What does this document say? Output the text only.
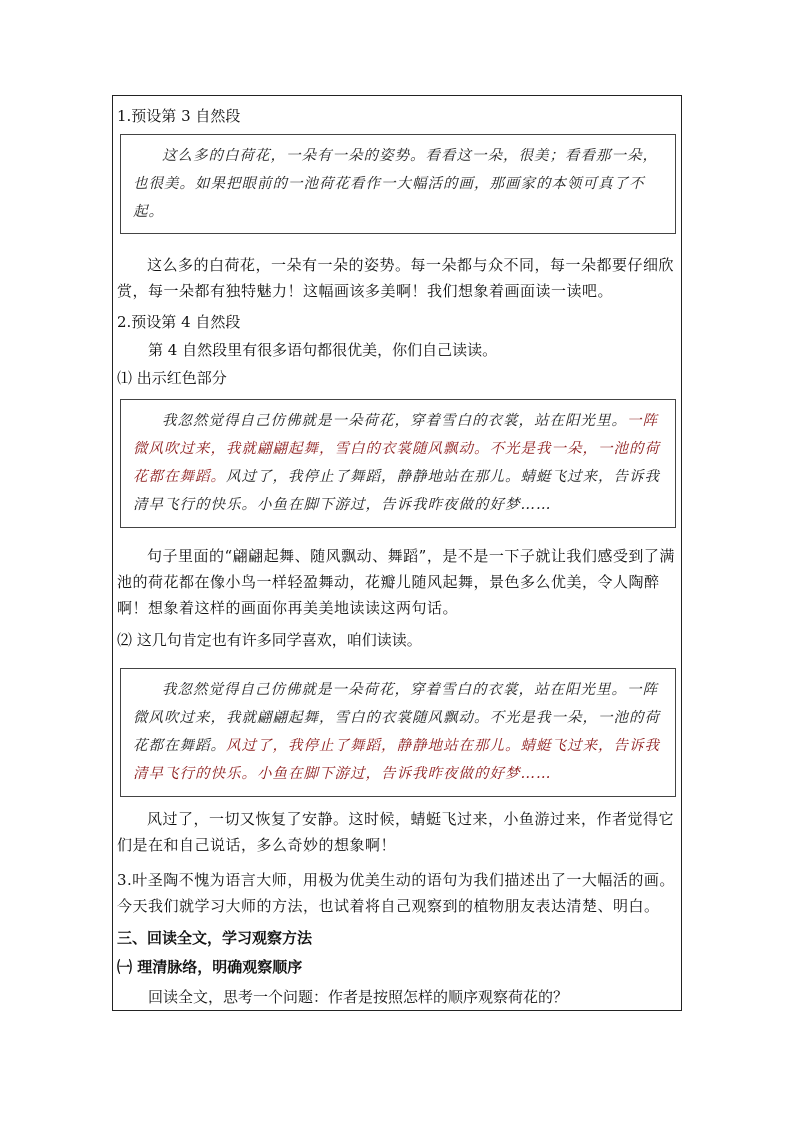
1.预设第 3 自然段

这么多的白荷花，一朵有一朵的姿势。看看这一朵，很美；看看那一朵，也很美。如果把眼前的一池荷花看作一大幅活的画，那画家的本领可真了不起。

这么多的白荷花，一朵有一朵的姿势。每一朵都与众不同，每一朵都要仔细欣赏，每一朵都有独特魅力！这幅画该多美啊！我们想象着画面读一读吧。

2.预设第 4 自然段
第 4 自然段里有很多语句都很优美，你们自己读读。
⑴ 出示红色部分

我忽然觉得自己仿佛就是一朵荷花，穿着雪白的衣裳，站在阳光里。一阵微风吹过来，我就翩翩起舞，雪白的衣裳随风飘动。不光是我一朵，一池的荷花都在舞蹈。风过了，我停止了舞蹈，静静地站在那儿。蜻蜓飞过来，告诉我清早飞行的快乐。小鱼在脚下游过，告诉我昨夜做的好梦……

句子里面的“翩翩起舞、随风飘动、舞蹈”，是不是一下子就让我们感受到了满池的荷花都在像小鸟一样轻盈舞动，花瓣儿随风起舞，景色多么优美，令人陶醉啊！想象着这样的画面你再美美地读读这两句话。

⑵ 这几句肯定也有许多同学喜欢，咱们读读。

我忽然觉得自己仿佛就是一朵荷花，穿着雪白的衣裳，站在阳光里。一阵微风吹过来，我就翩翩起舞，雪白的衣裳随风飘动。不光是我一朵，一池的荷花都在舞蹈。风过了，我停止了舞蹈，静静地站在那儿。蜻蜓飞过来，告诉我清早飞行的快乐。小鱼在脚下游过，告诉我昨夜做的好梦……

风过了，一切又恢复了安静。这时候，蜻蜓飞过来，小鱼游过来，作者觉得它们是在和自己说话，多么奇妙的想象啊！

3.叶圣陶不愧为语言大师，用极为优美生动的语句为我们描述出了一大幅活的画。今天我们就学习大师的方法，也试着将自己观察到的植物朋友表达清楚、明白。

三、回读全文，学习观察方法
㈠ 理清脉络，明确观察顺序
回读全文，思考一个问题：作者是按照怎样的顺序观察荷花的？
